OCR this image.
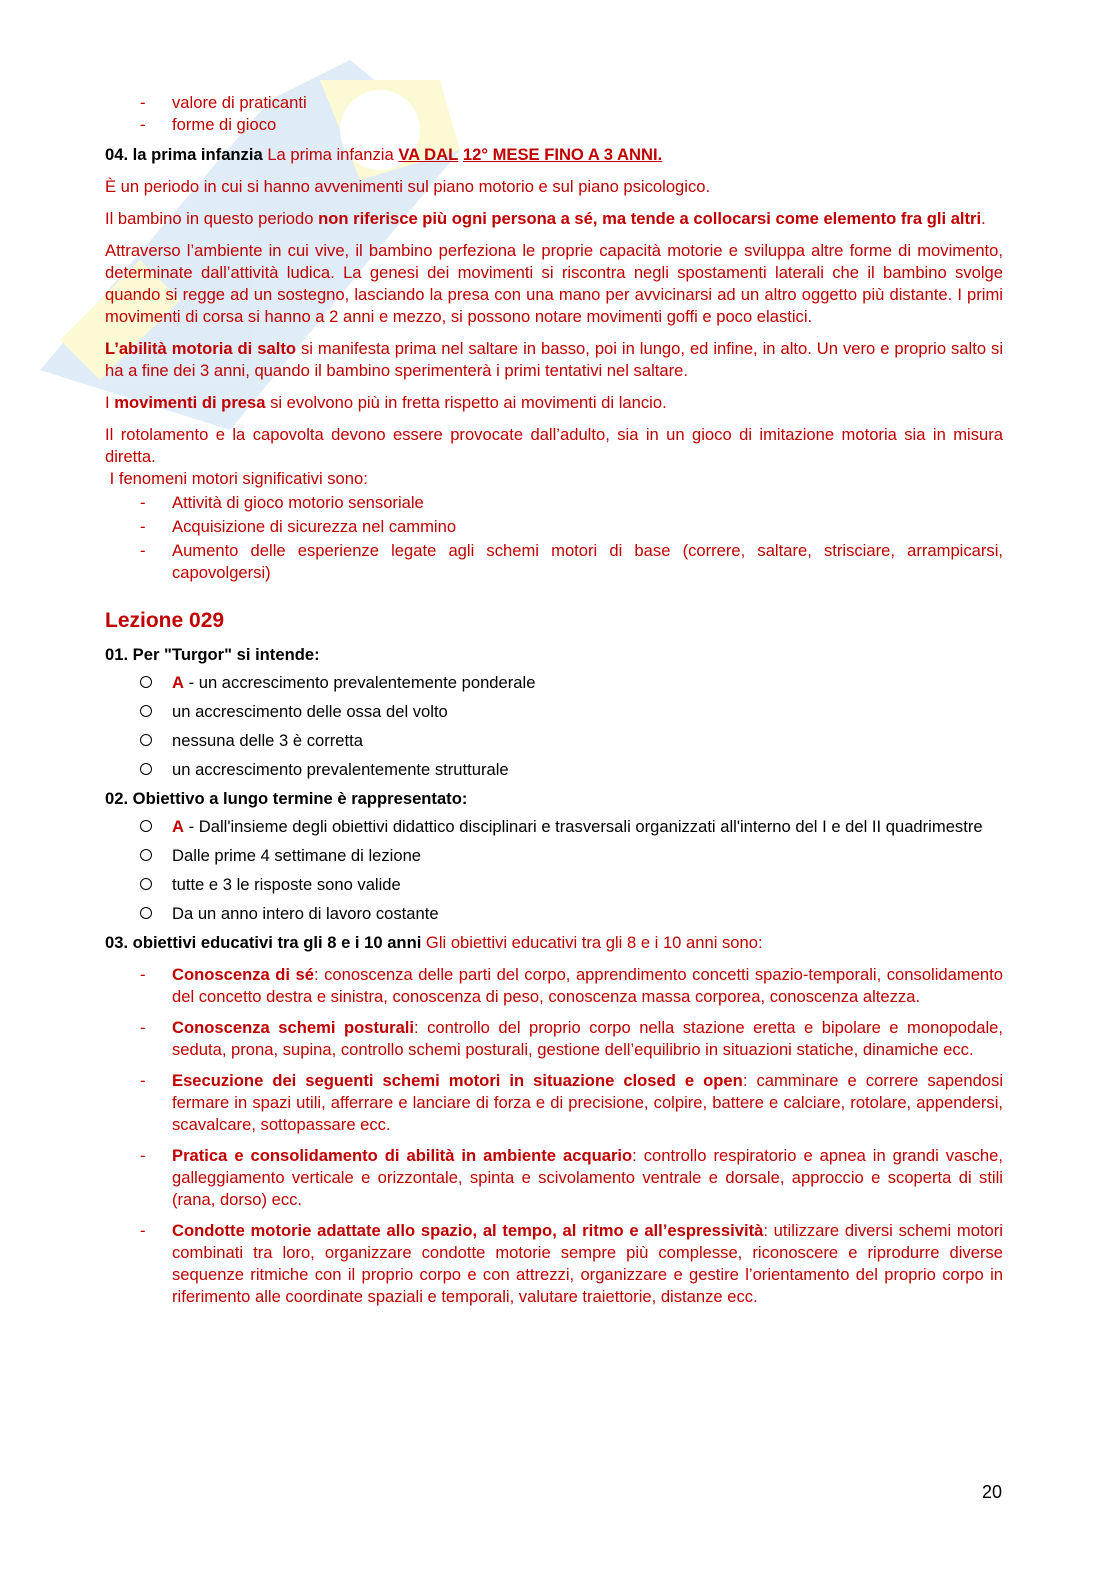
- valore di praticanti
- forme di gioco

04. la prima infanzia La prima infanzia VA DAL 12° MESE FINO A 3 ANNI.

È un periodo in cui si hanno avvenimenti sul piano motorio e sul piano psicologico.

Il bambino in questo periodo non riferisce più ogni persona a sé, ma tende a collocarsi come elemento fra gli altri.

Attraverso l’ambiente in cui vive, il bambino perfeziona le proprie capacità motorie e sviluppa altre forme di movimento, determinate dall’attività ludica. La genesi dei movimenti si riscontra negli spostamenti laterali che il bambino svolge quando si regge ad un sostegno, lasciando la presa con una mano per avvicinarsi ad un altro oggetto più distante. I primi movimenti di corsa si hanno a 2 anni e mezzo, si possono notare movimenti goffi e poco elastici.

L’abilità motoria di salto si manifesta prima nel saltare in basso, poi in lungo, ed infine, in alto. Un vero e proprio salto si ha a fine dei 3 anni, quando il bambino sperimenterà i primi tentativi nel saltare.

I movimenti di presa si evolvono più in fretta rispetto ai movimenti di lancio.

Il rotolamento e la capovolta devono essere provocate dall’adulto, sia in un gioco di imitazione motoria sia in misura diretta.

I fenomeni motori significativi sono:

- Attività di gioco motorio sensoriale
- Acquisizione di sicurezza nel cammino
- Aumento delle esperienze legate agli schemi motori di base (correre, saltare, strisciare, arrampicarsi, capovolgersi)
Lezione 029
01. Per "Turgor" si intende:
A - un accrescimento prevalentemente ponderale
un accrescimento delle ossa del volto
nessuna delle 3 è corretta
un accrescimento prevalentemente strutturale
02. Obiettivo a lungo termine è rappresentato:
A - Dall'insieme degli obiettivi didattico disciplinari e trasversali organizzati all'interno del I e del II quadrimestre
Dalle prime 4 settimane di lezione
tutte e 3 le risposte sono valide
Da un anno intero di lavoro costante

03. obiettivi educativi tra gli 8 e i 10 anni Gli obiettivi educativi tra gli 8 e i 10 anni sono:

- Conoscenza di sé: conoscenza delle parti del corpo, apprendimento concetti spazio-temporali, consolidamento del concetto destra e sinistra, conoscenza di peso, conoscenza massa corporea, conoscenza altezza.
- Conoscenza schemi posturali: controllo del proprio corpo nella stazione eretta e bipolare e monopodale, seduta, prona, supina, controllo schemi posturali, gestione dell’equilibrio in situazioni statiche, dinamiche ecc.
- Esecuzione dei seguenti schemi motori in situazione closed e open: camminare e correre sapendosi fermare in spazi utili, afferrare e lanciare di forza e di precisione, colpire, battere e calciare, rotolare, appendersi, scavalcare, sottopassare ecc.
- Pratica e consolidamento di abilità in ambiente acquario: controllo respiratorio e apnea in grandi vasche, galleggiamento verticale e orizzontale, spinta e scivolamento ventrale e dorsale, approccio e scoperta di stili (rana, dorso) ecc.
- Condotte motorie adattate allo spazio, al tempo, al ritmo e all’espressività: utilizzare diversi schemi motori combinati tra loro, organizzare condotte motorie sempre più complesse, riconoscere e riprodurre diverse sequenze ritmiche con il proprio corpo e con attrezzi, organizzare e gestire l’orientamento del proprio corpo in riferimento alle coordinate spaziali e temporali, valutare traiettorie, distanze ecc.
20
